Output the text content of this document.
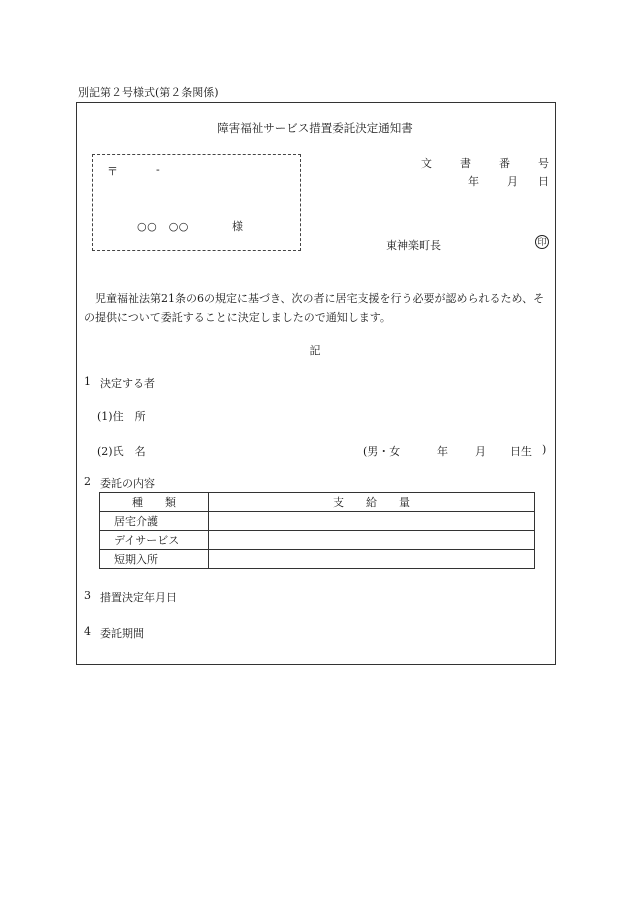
別記第２号様式(第２条関係)
障害福祉サービス措置委託決定通知書
〒	-
○○　○○	様
文	書	番	号
年	月 日
東神楽町長	印
児童福祉法第21条の6の規定に基づき、次の者に居宅支援を行う必要が認められるため、その提供について委託することに決定しましたので通知します。
記
1 決定する者
(1)住　所
(2)氏　名	(男・女	年 月 日生 )
2 委託の内容
種　　類	支　　給　　量
居宅介護	
デイサービス	
短期入所	
3 措置決定年月日
4 委託期間
